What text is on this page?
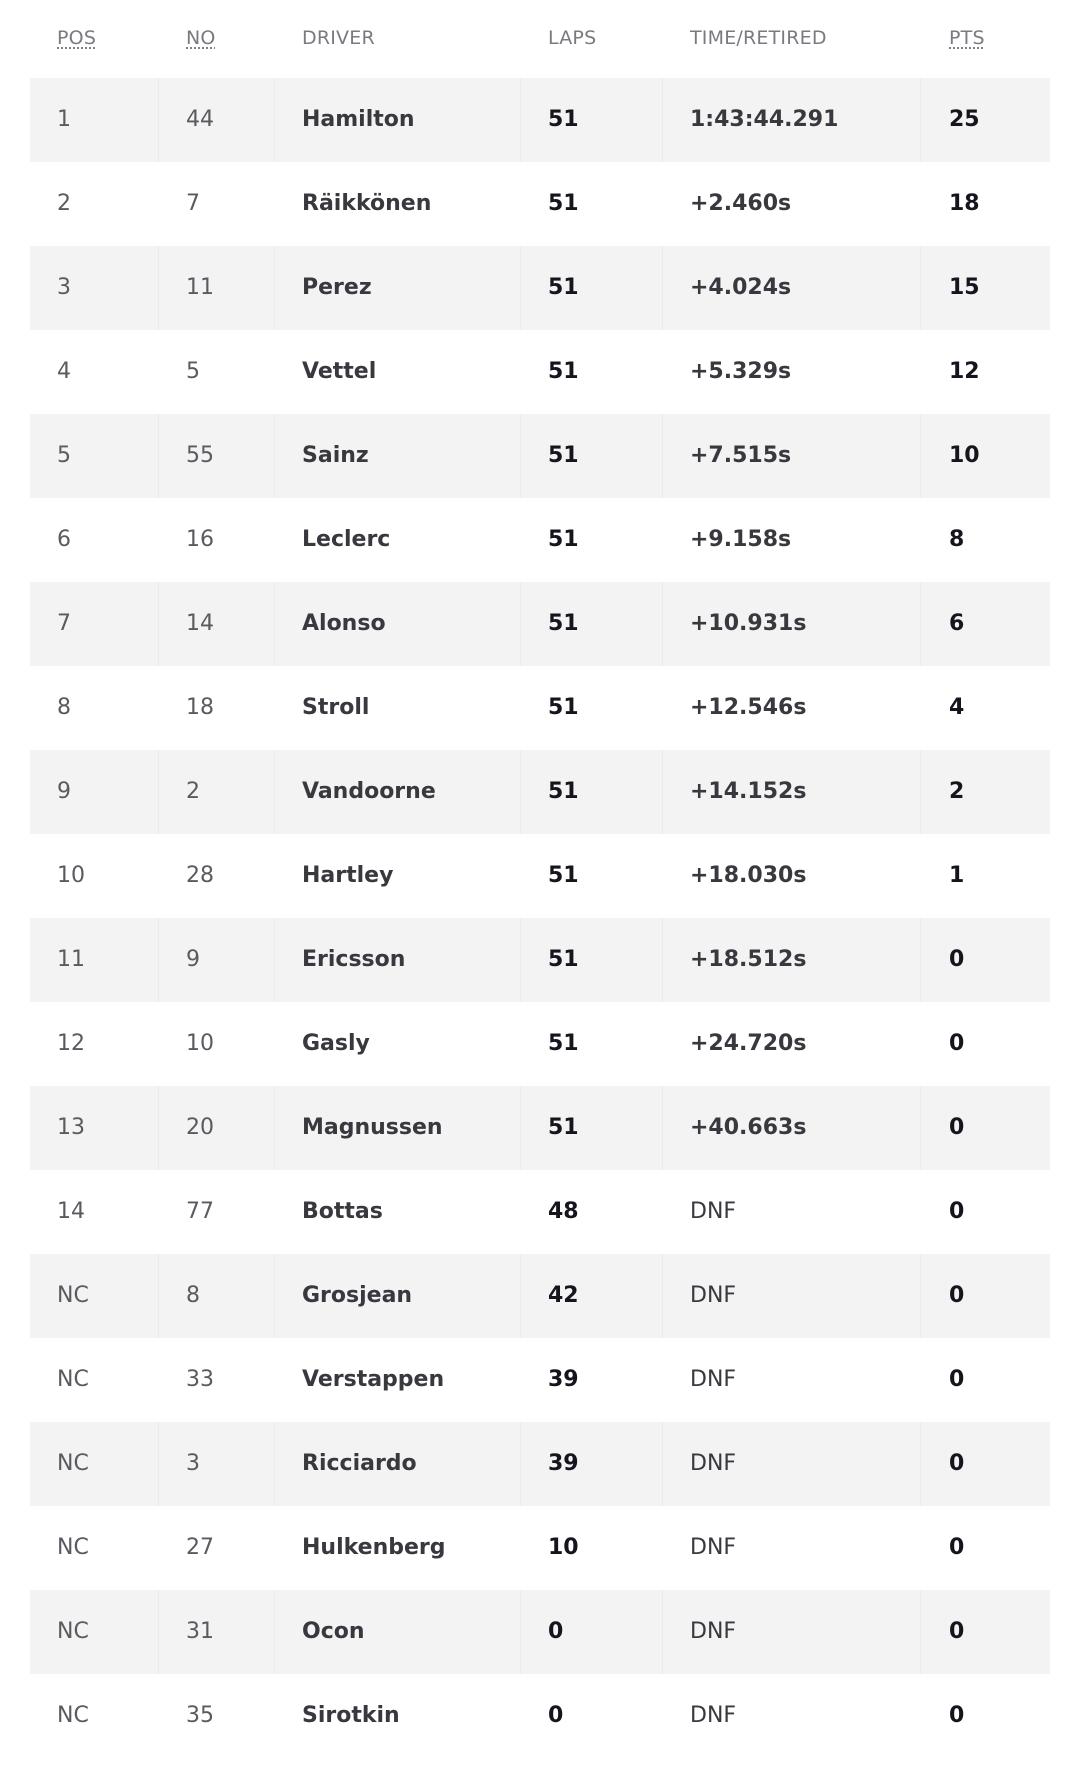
POS	NO	DRIVER	LAPS	TIME/RETIRED	PTS
1	44	Hamilton	51	1:43:44.291	25
2	7	Räikkönen	51	+2.460s	18
3	11	Perez	51	+4.024s	15
4	5	Vettel	51	+5.329s	12
5	55	Sainz	51	+7.515s	10
6	16	Leclerc	51	+9.158s	8
7	14	Alonso	51	+10.931s	6
8	18	Stroll	51	+12.546s	4
9	2	Vandoorne	51	+14.152s	2
10	28	Hartley	51	+18.030s	1
11	9	Ericsson	51	+18.512s	0
12	10	Gasly	51	+24.720s	0
13	20	Magnussen	51	+40.663s	0
14	77	Bottas	48	DNF	0
NC	8	Grosjean	42	DNF	0
NC	33	Verstappen	39	DNF	0
NC	3	Ricciardo	39	DNF	0
NC	27	Hulkenberg	10	DNF	0
NC	31	Ocon	0	DNF	0
NC	35	Sirotkin	0	DNF	0
